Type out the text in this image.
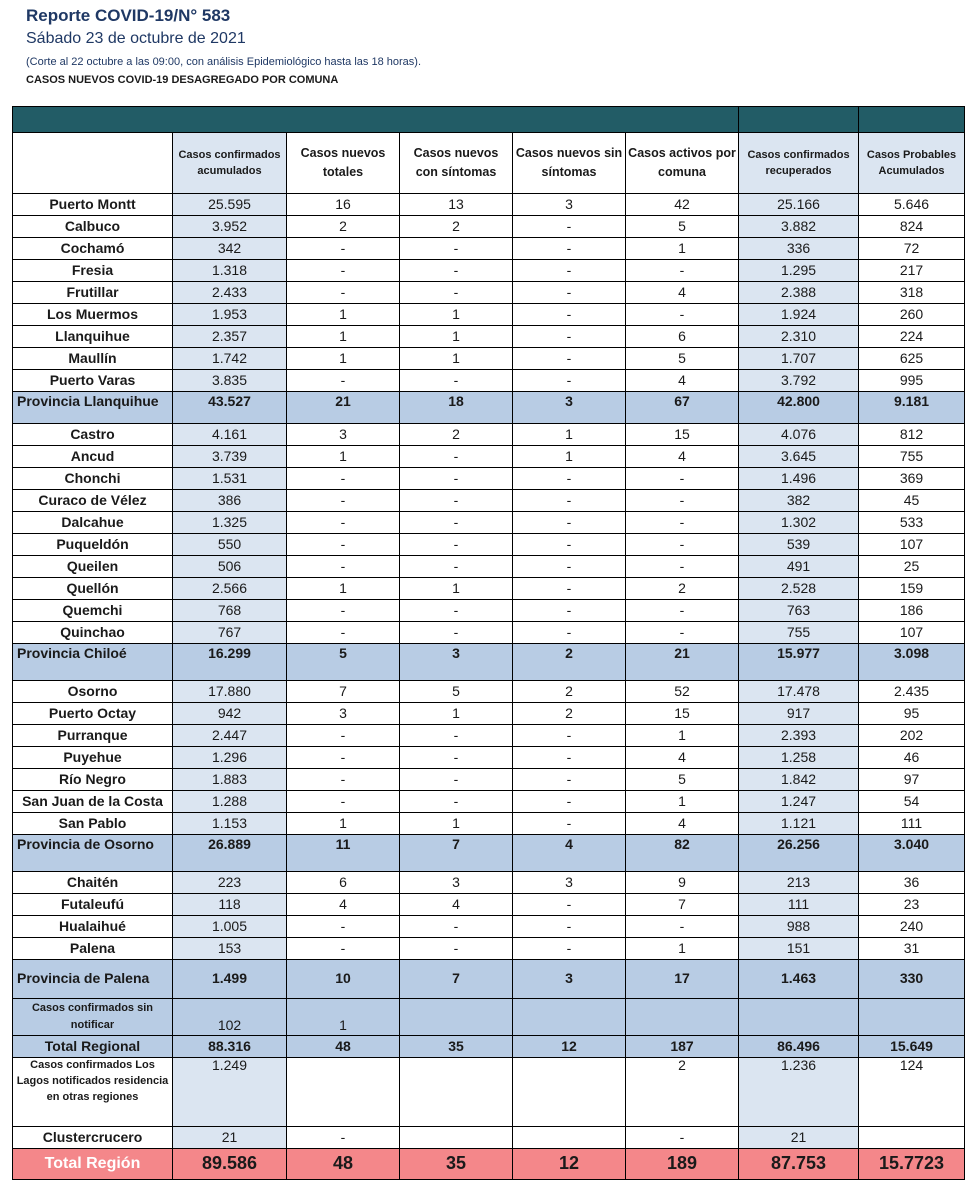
Reporte COVID-19/N° 583
Sábado 23 de octubre de 2021
(Corte al 22 octubre a las 09:00, con análisis Epidemiológico hasta las 18 horas).
CASOS NUEVOS COVID-19 DESAGREGADO POR COMUNA

	Casos confirmados acumulados	Casos nuevos totales	Casos nuevos con síntomas	Casos nuevos sin síntomas	Casos activos por comuna	Casos confirmados recuperados	Casos Probables Acumulados
Puerto Montt	25.595	16	13	3	42	25.166	5.646
Calbuco	3.952	2	2	-	5	3.882	824
Cochamó	342	-	-	-	1	336	72
Fresia	1.318	-	-	-	-	1.295	217
Frutillar	2.433	-	-	-	4	2.388	318
Los Muermos	1.953	1	1	-	-	1.924	260
Llanquihue	2.357	1	1	-	6	2.310	224
Maullín	1.742	1	1	-	5	1.707	625
Puerto Varas	3.835	-	-	-	4	3.792	995
Provincia Llanquihue	43.527	21	18	3	67	42.800	9.181
Castro	4.161	3	2	1	15	4.076	812
Ancud	3.739	1	-	1	4	3.645	755
Chonchi	1.531	-	-	-	-	1.496	369
Curaco de Vélez	386	-	-	-	-	382	45
Dalcahue	1.325	-	-	-	-	1.302	533
Puqueldón	550	-	-	-	-	539	107
Queilen	506	-	-	-	-	491	25
Quellón	2.566	1	1	-	2	2.528	159
Quemchi	768	-	-	-	-	763	186
Quinchao	767	-	-	-	-	755	107
Provincia Chiloé	16.299	5	3	2	21	15.977	3.098
Osorno	17.880	7	5	2	52	17.478	2.435
Puerto Octay	942	3	1	2	15	917	95
Purranque	2.447	-	-	-	1	2.393	202
Puyehue	1.296	-	-	-	4	1.258	46
Río Negro	1.883	-	-	-	5	1.842	97
San Juan de la Costa	1.288	-	-	-	1	1.247	54
San Pablo	1.153	1	1	-	4	1.121	111
Provincia de Osorno	26.889	11	7	4	82	26.256	3.040
Chaitén	223	6	3	3	9	213	36
Futaleufú	118	4	4	-	7	111	23
Hualaihué	1.005	-	-	-	-	988	240
Palena	153	-	-	-	1	151	31
Provincia de Palena	1.499	10	7	3	17	1.463	330
Casos confirmados sin notificar	102	1					
Total Regional	88.316	48	35	12	187	86.496	15.649
Casos confirmados Los Lagos notificados residencia en otras regiones	1.249				2	1.236	124
Clustercrucero	21	-			-	21	
Total Región	89.586	48	35	12	189	87.753	15.7723
